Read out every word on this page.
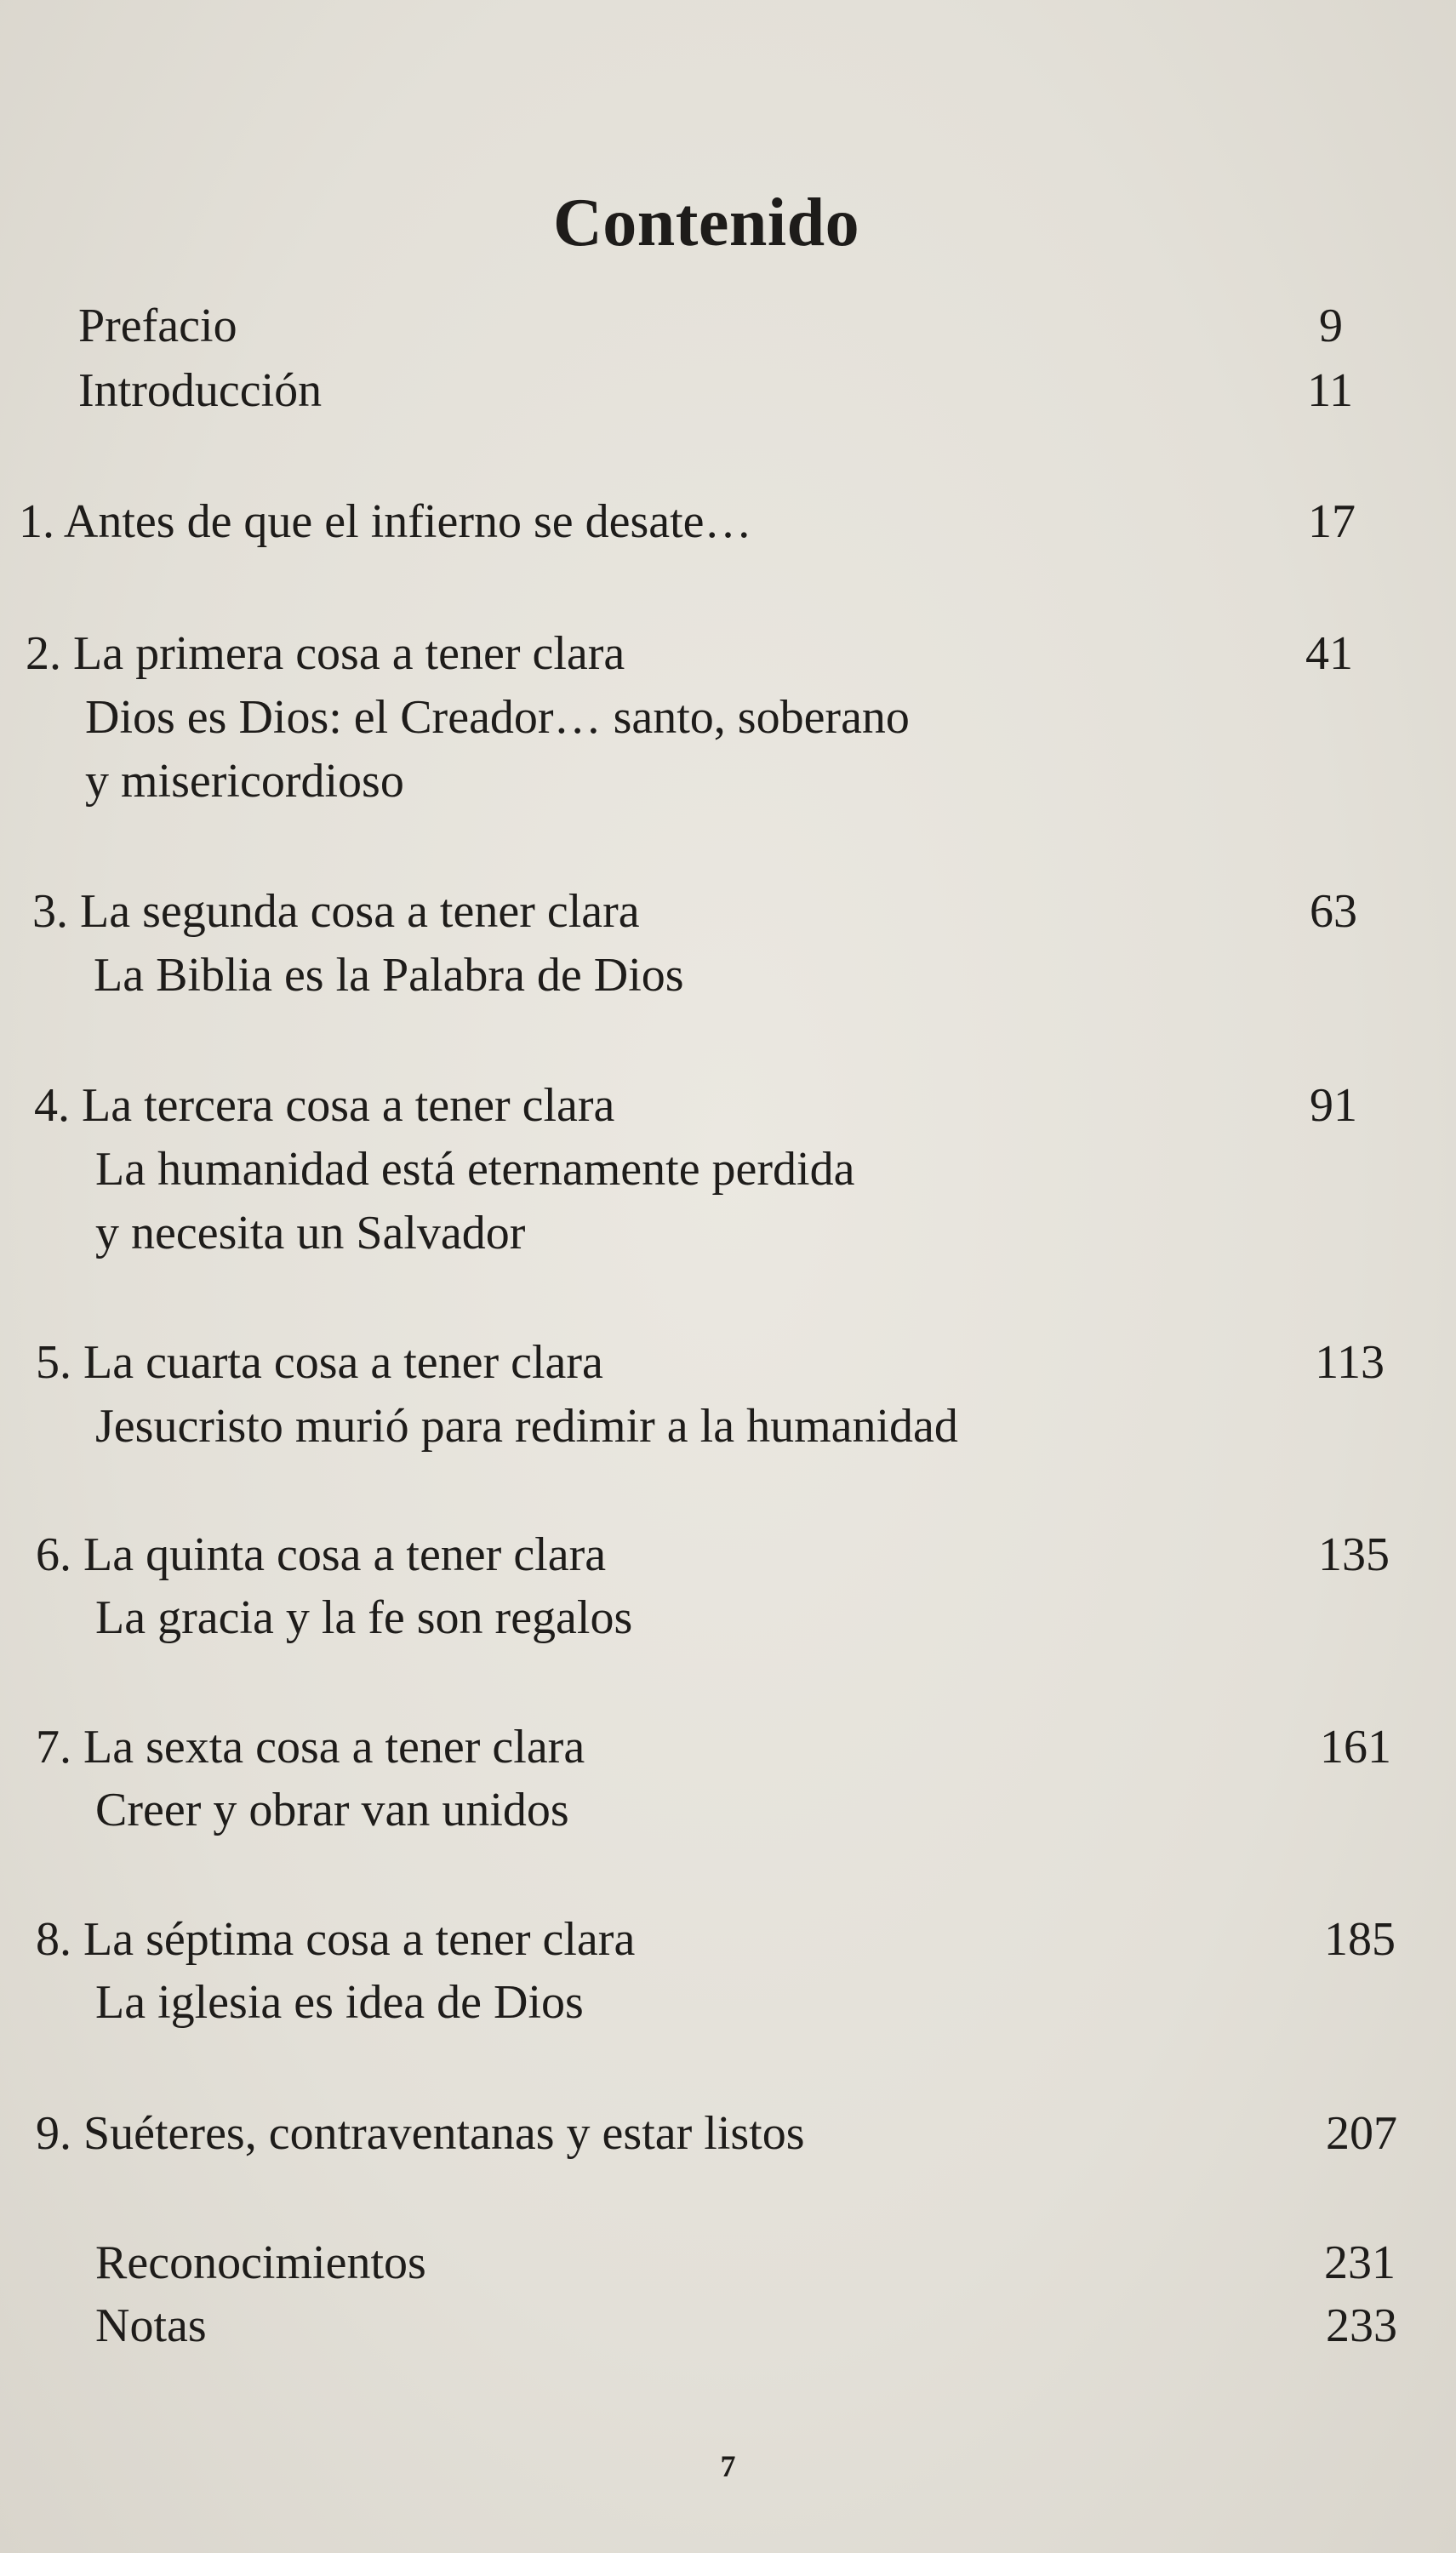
Contenido
Prefacio	9
Introducción	11
1. Antes de que el infierno se desate…	17
2. La primera cosa a tener clara	41
Dios es Dios: el Creador… santo, soberano
y misericordioso
3. La segunda cosa a tener clara	63
La Biblia es la Palabra de Dios
4. La tercera cosa a tener clara	91
La humanidad está eternamente perdida
y necesita un Salvador
5. La cuarta cosa a tener clara	113
Jesucristo murió para redimir a la humanidad
6. La quinta cosa a tener clara	135
La gracia y la fe son regalos
7. La sexta cosa a tener clara	161
Creer y obrar van unidos
8. La séptima cosa a tener clara	185
La iglesia es idea de Dios
9. Suéteres, contraventanas y estar listos	207
Reconocimientos	231
Notas	233
7
